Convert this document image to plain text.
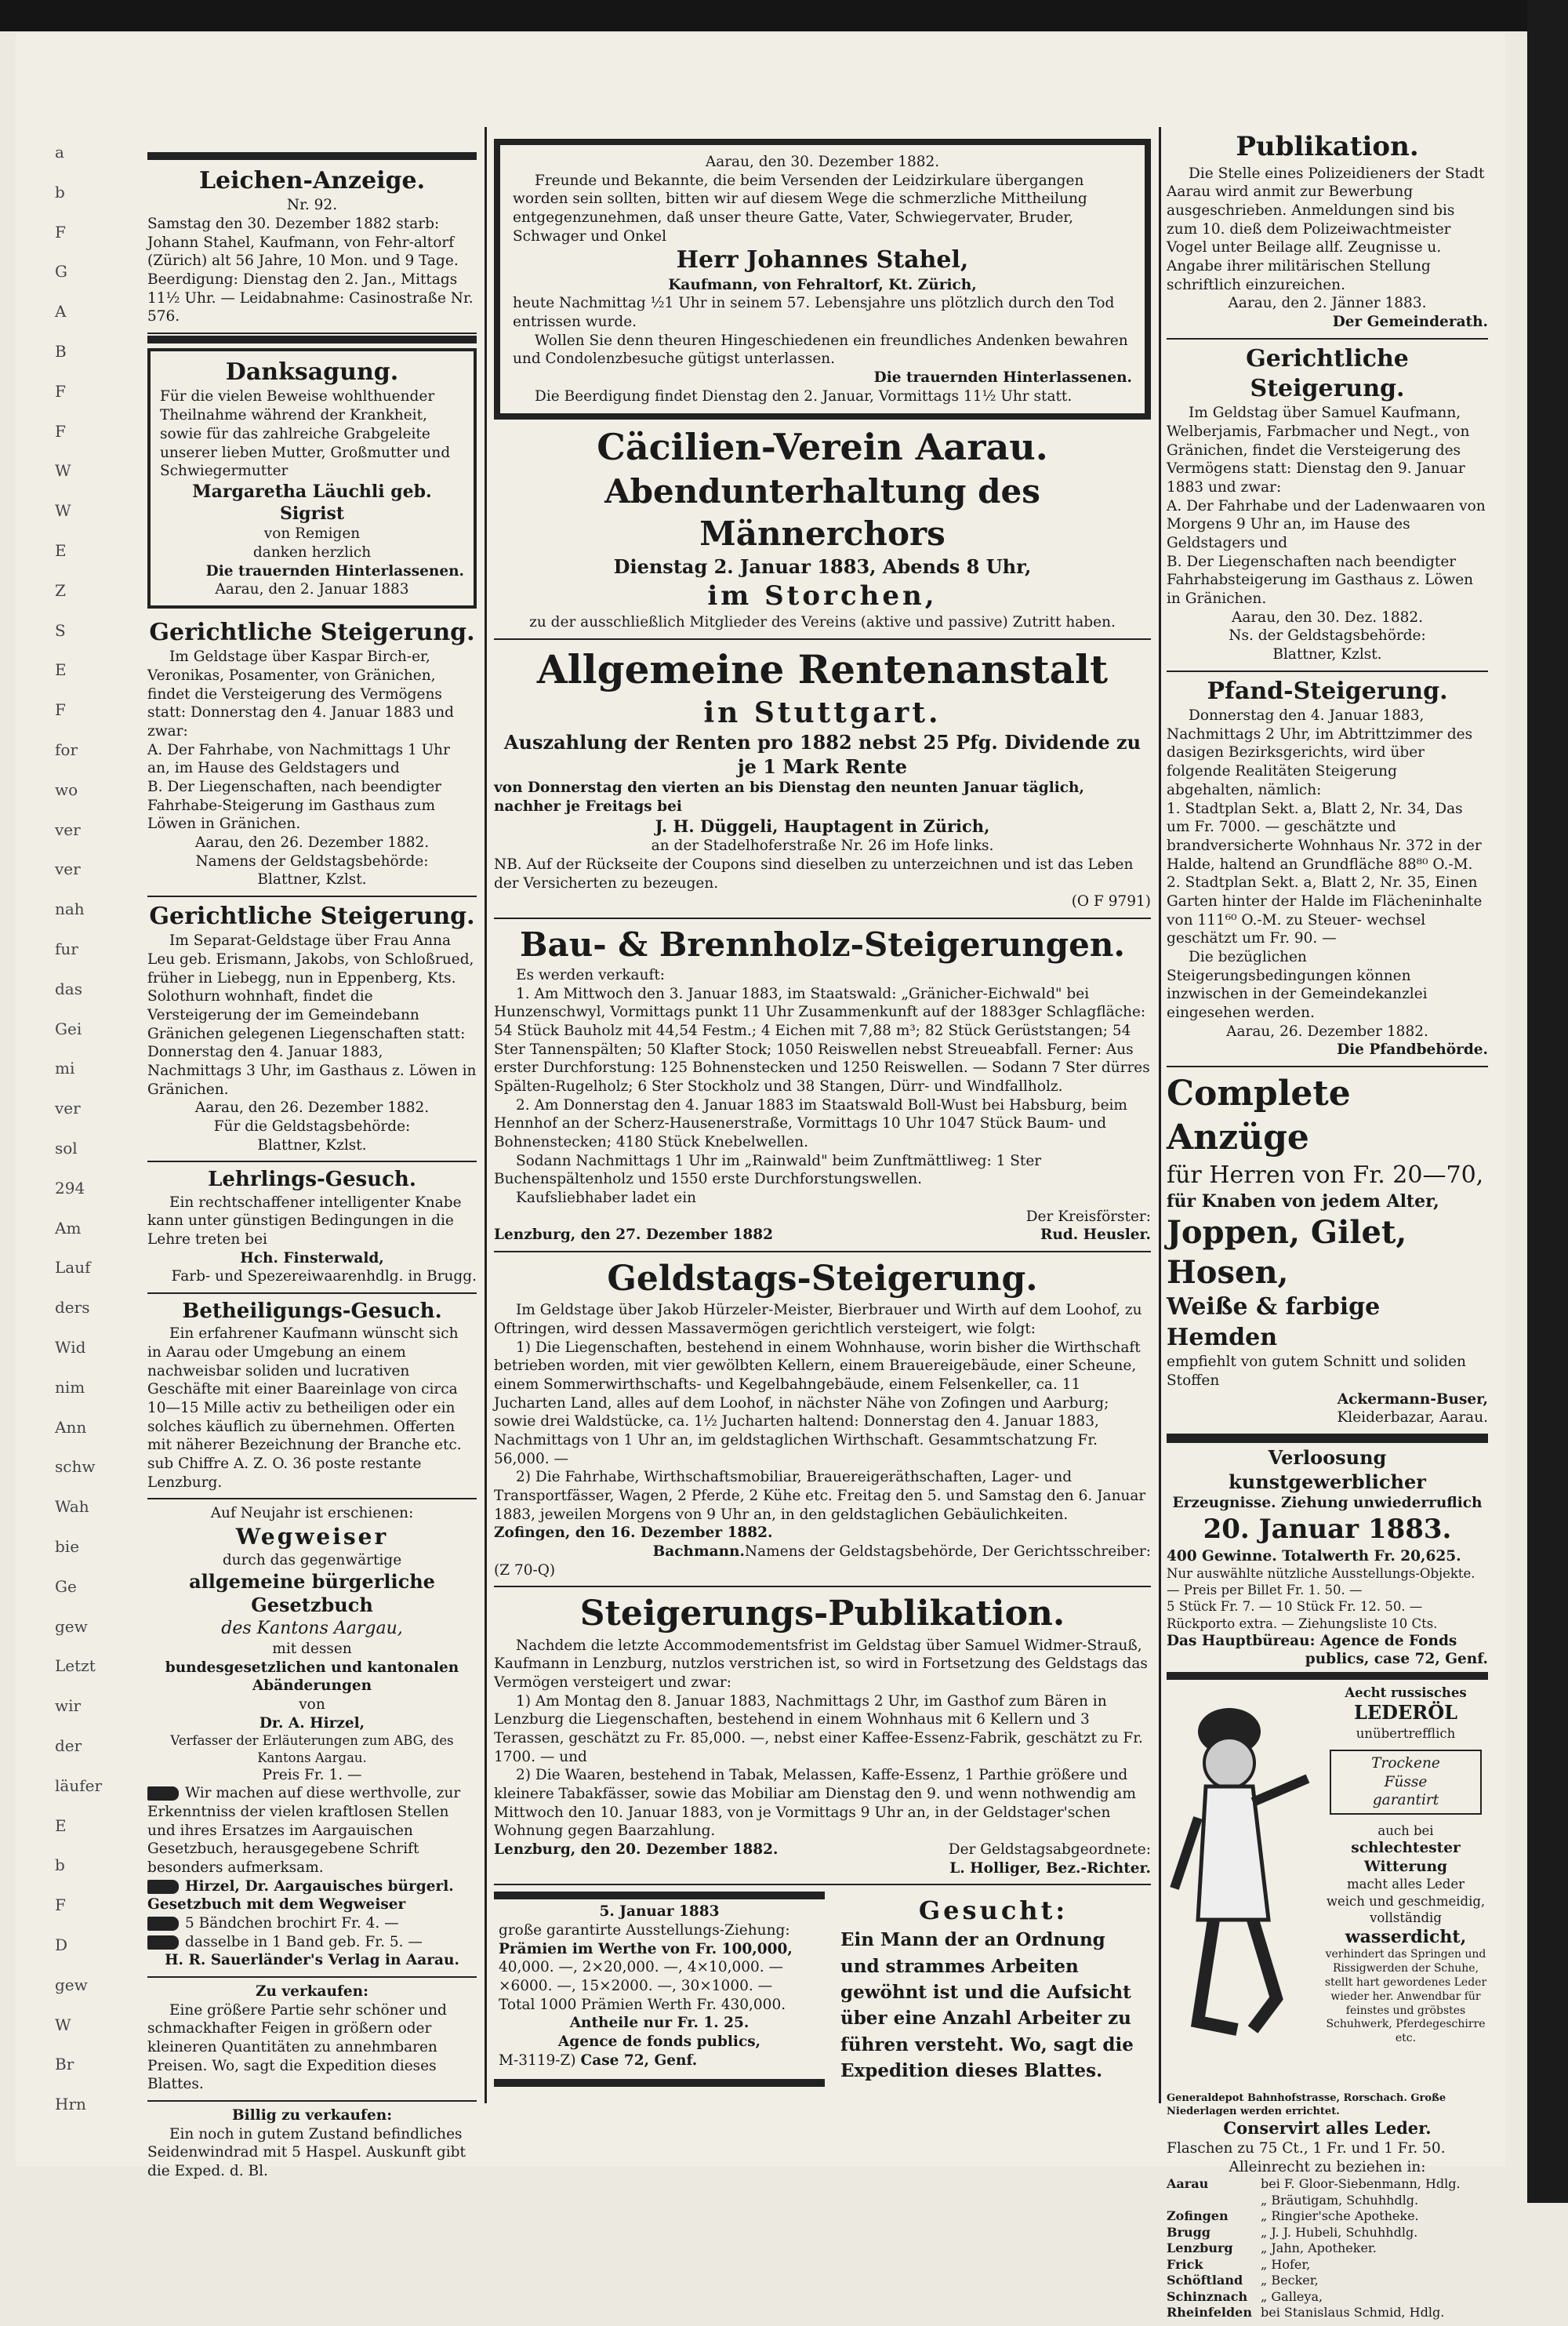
a
b
F
G
A
B
F
F
W
W
E
Z
S
E
F
for
wo
ver
ver
nah
fur
das
Gei
mi
ver
sol
294
Am
Lauf
ders
Wid
nim
Ann
schw
Wah
bie
Ge
gew
Letzt
wir
der
läufer
E
b
F
D
gew
W
Br
Hrn
Leichen-Anzeige.

Nr. 92.

Samstag den 30. Dezember 1882 starb: Johann Stahel, Kaufmann, von Fehr-altorf (Zürich) alt 56 Jahre, 10 Mon. und 9 Tage.

Beerdigung: Dienstag den 2. Jan., Mittags 11½ Uhr. — Leidabnahme: Casinostraße Nr. 576.

Danksagung.

Für die vielen Beweise wohlthuender Theilnahme während der Krankheit, sowie für das zahlreiche Grabgeleite unserer lieben Mutter, Großmutter und Schwiegermutter

Margaretha Läuchli geb. Sigrist

von Remigen

danken herzlich

Die trauernden Hinterlassenen.

Aarau, den 2. Januar 1883

Gerichtliche Steigerung.

Im Geldstage über Kaspar Birch-er, Veronikas, Posamenter, von Gränichen, findet die Versteigerung des Vermögens statt: Donnerstag den 4. Januar 1883 und zwar:

A. Der Fahrhabe, von Nachmittags 1 Uhr an, im Hause des Geldstagers und

B. Der Liegenschaften, nach beendigter Fahrhabe-Steigerung im Gasthaus zum Löwen in Gränichen.

Aarau, den 26. Dezember 1882.

Namens der Geldstagsbehörde:

Blattner, Kzlst.

Gerichtliche Steigerung.

Im Separat-Geldstage über Frau Anna Leu geb. Erismann, Jakobs, von Schloßrued, früher in Liebegg, nun in Eppenberg, Kts. Solothurn wohnhaft, findet die Versteigerung der im Gemeindebann Gränichen gelegenen Liegenschaften statt: Donnerstag den 4. Januar 1883, Nachmittags 3 Uhr, im Gasthaus z. Löwen in Gränichen.

Aarau, den 26. Dezember 1882.

Für die Geldstagsbehörde:

Blattner, Kzlst.

Lehrlings-Gesuch.

Ein rechtschaffener intelligenter Knabe kann unter günstigen Bedingungen in die Lehre treten bei

Hch. Finsterwald,

Farb- und Spezereiwaarenhdlg. in Brugg.

Betheiligungs-Gesuch.

Ein erfahrener Kaufmann wünscht sich in Aarau oder Umgebung an einem nachweisbar soliden und lucrativen Geschäfte mit einer Baareinlage von circa 10—15 Mille activ zu betheiligen oder ein solches käuflich zu übernehmen. Offerten mit näherer Bezeichnung der Branche etc. sub Chiffre A. Z. O. 36 poste restante Lenzburg.

Auf Neujahr ist erschienen:

Wegweiser

durch das gegenwärtige

allgemeine bürgerliche Gesetzbuch

des Kantons Aargau,

mit dessen

bundesgesetzlichen und kantonalen Abänderungen

von

Dr. A. Hirzel,

Verfasser der Erläuterungen zum ABG, des Kantons Aargau.

Preis Fr. 1. —

Wir machen auf diese werthvolle, zur Erkenntniss der vielen kraftlosen Stellen und ihres Ersatzes im Aargauischen Gesetzbuch, herausgegebene Schrift besonders aufmerksam.

Hirzel, Dr. Aargauisches bürgerl. Gesetzbuch mit dem Wegweiser

5 Bändchen brochirt Fr. 4. —

dasselbe in 1 Band geb. Fr. 5. —

H. R. Sauerländer's Verlag in Aarau.

Zu verkaufen:

Eine größere Partie sehr schöner und schmackhafter Feigen in größern oder kleineren Quantitäten zu annehmbaren Preisen. Wo, sagt die Expedition dieses Blattes.

Billig zu verkaufen:

Ein noch in gutem Zustand befindliches Seidenwindrad mit 5 Haspel. Auskunft gibt die Exped. d. Bl.

Aarau, den 30. Dezember 1882.

Freunde und Bekannte, die beim Versenden der Leidzirkulare übergangen worden sein sollten, bitten wir auf diesem Wege die schmerzliche Mittheilung entgegenzunehmen, daß unser theure Gatte, Vater, Schwiegervater, Bruder, Schwager und Onkel

Herr Johannes Stahel,

Kaufmann, von Fehraltorf, Kt. Zürich,

heute Nachmittag ½1 Uhr in seinem 57. Lebensjahre uns plötzlich durch den Tod entrissen wurde.

Wollen Sie denn theuren Hingeschiedenen ein freundliches Andenken bewahren und Condolenzbesuche gütigst unterlassen.

Die trauernden Hinterlassenen.

Die Beerdigung findet Dienstag den 2. Januar, Vormittags 11½ Uhr statt.

Cäcilien-Verein Aarau.
Abendunterhaltung des Männerchors

Dienstag 2. Januar 1883, Abends 8 Uhr,

im Storchen,

zu der ausschließlich Mitglieder des Vereins (aktive und passive) Zutritt haben.

Allgemeine Rentenanstalt
in Stuttgart.

Auszahlung der Renten pro 1882 nebst 25 Pfg. Dividende zu je 1 Mark Rente

von Donnerstag den vierten an bis Dienstag den neunten Januar täglich, nachher je Freitags bei

J. H. Düggeli, Hauptagent in Zürich,

an der Stadelhoferstraße Nr. 26 im Hofe links.

NB. Auf der Rückseite der Coupons sind dieselben zu unterzeichnen und ist das Leben der Versicherten zu bezeugen.

(O F 9791)

Bau- & Brennholz-Steigerungen.

Es werden verkauft:

1. Am Mittwoch den 3. Januar 1883, im Staatswald: „Gränicher-Eichwald" bei Hunzenschwyl, Vormittags punkt 11 Uhr Zusammenkunft auf der 1883ger Schlagfläche: 54 Stück Bauholz mit 44,54 Festm.; 4 Eichen mit 7,88 m³; 82 Stück Gerüststangen; 54 Ster Tannenspälten; 50 Klafter Stock; 1050 Reiswellen nebst Streueabfall. Ferner: Aus erster Durchforstung: 125 Bohnenstecken und 1250 Reiswellen. — Sodann 7 Ster dürres Spälten-Rugelholz; 6 Ster Stockholz und 38 Stangen, Dürr- und Windfallholz.

2. Am Donnerstag den 4. Januar 1883 im Staatswald Boll-Wust bei Habsburg, beim Hennhof an der Scherz-Hausenerstraße, Vormittags 10 Uhr 1047 Stück Baum- und Bohnenstecken; 4180 Stück Knebelwellen.

Sodann Nachmittags 1 Uhr im „Rainwald" beim Zunftmättliweg: 1 Ster Buchenspältenholz und 1550 erste Durchforstungswellen.

Kaufsliebhaber ladet ein

Der Kreisförster:

Lenzburg, den 27. Dezember 1882	Rud. Heusler.

Geldstags-Steigerung.

Im Geldstage über Jakob Hürzeler-Meister, Bierbrauer und Wirth auf dem Loohof, zu Oftringen, wird dessen Massavermögen gerichtlich versteigert, wie folgt:

1) Die Liegenschaften, bestehend in einem Wohnhause, worin bisher die Wirthschaft betrieben worden, mit vier gewölbten Kellern, einem Brauereigebäude, einer Scheune, einem Sommerwirthschafts- und Kegelbahngebäude, einem Felsenkeller, ca. 11 Jucharten Land, alles auf dem Loohof, in nächster Nähe von Zofingen und Aarburg; sowie drei Waldstücke, ca. 1½ Jucharten haltend: Donnerstag den 4. Januar 1883, Nachmittags von 1 Uhr an, im geldstaglichen Wirthschaft. Gesammtschatzung Fr. 56,000. —

2) Die Fahrhabe, Wirthschaftsmobiliar, Brauereigeräthschaften, Lager- und Transportfässer, Wagen, 2 Pferde, 2 Kühe etc. Freitag den 5. und Samstag den 6. Januar 1883, jeweilen Morgens von 9 Uhr an, in den geldstaglichen Gebäulichkeiten.

Zofingen, den 16. Dezember 1882.
Namens der Geldstagsbehörde, Der Gerichtsschreiber:

Bachmann.

(Z 70-Q)

Steigerungs-Publikation.

Nachdem die letzte Accommodementsfrist im Geldstag über Samuel Widmer-Strauß, Kaufmann in Lenzburg, nutzlos verstrichen ist, so wird in Fortsetzung des Geldstags das Vermögen versteigert und zwar:

1) Am Montag den 8. Januar 1883, Nachmittags 2 Uhr, im Gasthof zum Bären in Lenzburg die Liegenschaften, bestehend in einem Wohnhaus mit 6 Kellern und 3 Terassen, geschätzt zu Fr. 85,000. —, nebst einer Kaffee-Essenz-Fabrik, geschätzt zu Fr. 1700. — und

2) Die Waaren, bestehend in Tabak, Melassen, Kaffe-Essenz, 1 Parthie größere und kleinere Tabakfässer, sowie das Mobiliar am Dienstag den 9. und wenn nothwendig am Mittwoch den 10. Januar 1883, von je Vormittags 9 Uhr an, in der Geldstager'schen Wohnung gegen Baarzahlung.

Lenzburg, den 20. Dezember 1882.	Der Geldstagsabgeordnete:

L. Holliger, Bez.-Richter.

5. Januar 1883

große garantirte Ausstellungs-Ziehung:

Prämien im Werthe von Fr. 100,000,

40,000. —, 2×20,000. —, 4×10,000. —

×6000. —, 15×2000. —, 30×1000. —

Total 1000 Prämien Werth Fr. 430,000.

Antheile nur Fr. 1. 25.

Agence de fonds publics,

M-3119-Z) Case 72, Genf.

Gesucht:

Ein Mann der an Ordnung und strammes Arbeiten gewöhnt ist und die Aufsicht über eine Anzahl Arbeiter zu führen versteht. Wo, sagt die Expedition dieses Blattes.

Publikation.

Die Stelle eines Polizeidieners der Stadt Aarau wird anmit zur Bewerbung ausgeschrieben. Anmeldungen sind bis zum 10. dieß dem Polizeiwachtmeister Vogel unter Beilage allf. Zeugnisse u. Angabe ihrer militärischen Stellung schriftlich einzureichen.

Aarau, den 2. Jänner 1883.

Der Gemeinderath.

Gerichtliche Steigerung.

Im Geldstag über Samuel Kaufmann, Welberjamis, Farbmacher und Negt., von Gränichen, findet die Versteigerung des Vermögens statt: Dienstag den 9. Januar 1883 und zwar:

A. Der Fahrhabe und der Ladenwaaren von Morgens 9 Uhr an, im Hause des Geldstagers und

B. Der Liegenschaften nach beendigter Fahrhabsteigerung im Gasthaus z. Löwen in Gränichen.

Aarau, den 30. Dez. 1882.

Ns. der Geldstagsbehörde:

Blattner, Kzlst.

Pfand-Steigerung.

Donnerstag den 4. Januar 1883, Nachmittags 2 Uhr, im Abtrittzimmer des dasigen Bezirksgerichts, wird über folgende Realitäten Steigerung abgehalten, nämlich:

1. Stadtplan Sekt. a, Blatt 2, Nr. 34, Das um Fr. 7000. — geschätzte und brandversicherte Wohnhaus Nr. 372 in der Halde, haltend an Grundfläche 88⁸⁰ O.-M.

2. Stadtplan Sekt. a, Blatt 2, Nr. 35, Einen Garten hinter der Halde im Flächeninhalte von 111⁶⁰ O.-M. zu Steuer- wechsel geschätzt um Fr. 90. —

Die bezüglichen Steigerungsbedingungen können inzwischen in der Gemeindekanzlei eingesehen werden.

Aarau, 26. Dezember 1882.

Die Pfandbehörde.

Complete Anzüge

für Herren von Fr. 20—70,

für Knaben von jedem Alter,

Joppen, Gilet, Hosen,

Weiße & farbige Hemden

empfiehlt von gutem Schnitt und soliden Stoffen

Ackermann-Buser,

Kleiderbazar, Aarau.

Verloosung kunstgewerblicher

Erzeugnisse. Ziehung unwiederruflich

20. Januar 1883.

400 Gewinne. Totalwerth Fr. 20,625.

Nur auswählte nützliche Ausstellungs-Objekte. — Preis per Billet Fr. 1. 50. —

5 Stück Fr. 7. — 10 Stück Fr. 12. 50. —

Rückporto extra. — Ziehungsliste 10 Cts.

Das Hauptbüreau: Agence de Fonds

publics, case 72, Genf.

Aecht russisches

LEDERÖL

unübertrefflich

Trockene

Füsse

garantirt

auch bei

schlechtester Witterung

macht alles Leder

weich und geschmeidig,

vollständig

wasserdicht,

verhindert das Springen und Rissigwerden der Schuhe, stellt hart gewordenes Leder wieder her. Anwendbar für feinstes und gröbstes Schuhwerk, Pferdegeschirre etc.

Generaldepot Bahnhofstrasse, Rorschach. Große Niederlagen werden errichtet.

Conservirt alles Leder.

Flaschen zu 75 Ct., 1 Fr. und 1 Fr. 50.

Alleinrecht zu beziehen in:

Aarau	bei F. Gloor-Siebenmann, Hdlg.
„ Bräutigam, Schuhhdlg.
Zofingen	„ Ringier'sche Apotheke.
Brugg	„ J. J. Hubeli, Schuhhdlg.
Lenzburg	„ Jahn, Apotheker.
Frick	„ Hofer,
Schöftland	„ Becker,
Schinznach	„ Galleya,
Rheinfelden bei Stanislaus Schmid, Hdlg.
